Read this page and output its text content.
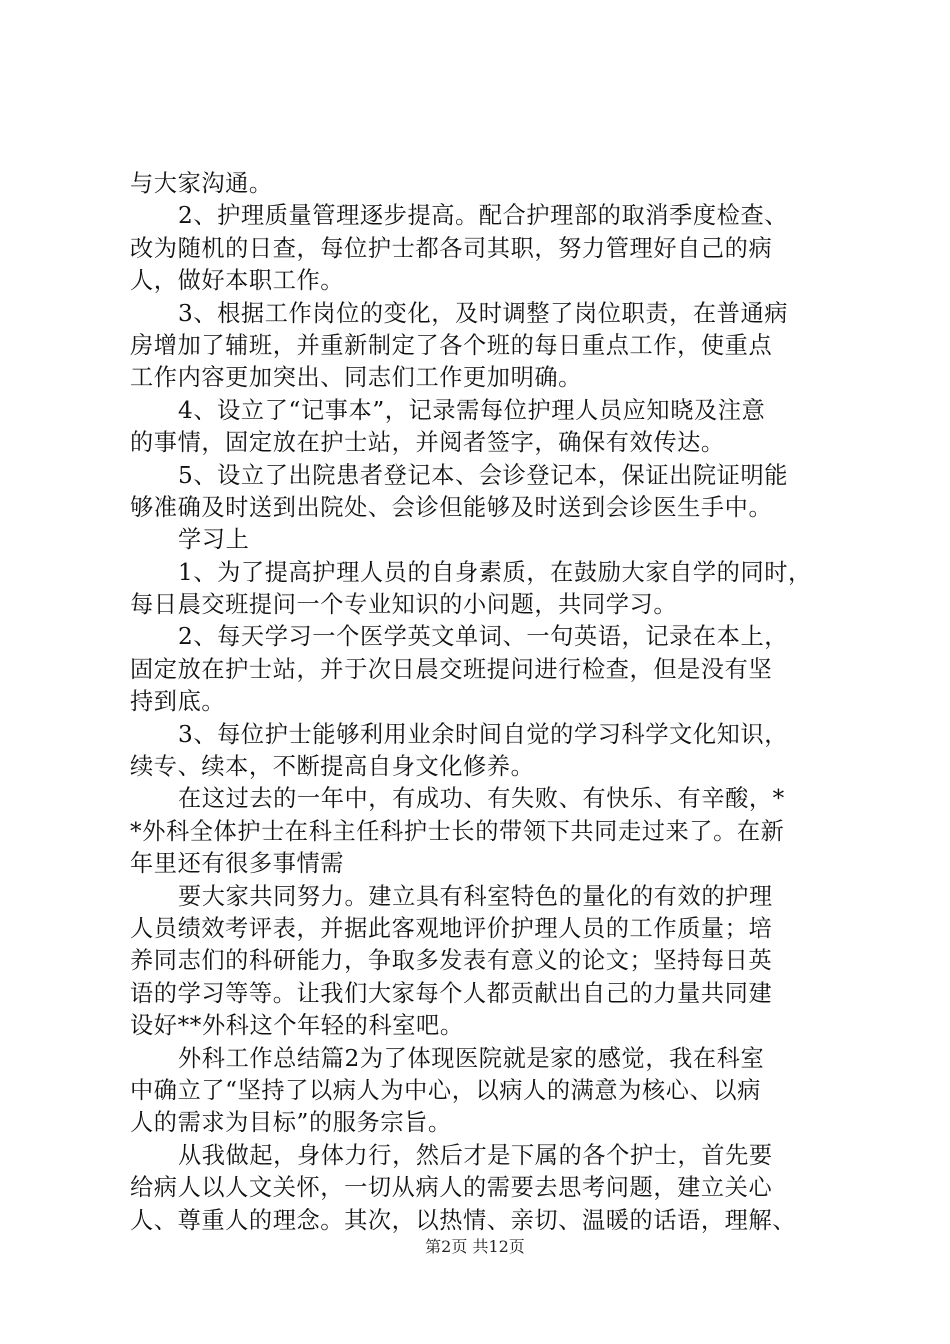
与大家沟通。
2、护理质量管理逐步提高。配合护理部的取消季度检查、
改为随机的日查，每位护士都各司其职，努力管理好自己的病
人，做好本职工作。
3、根据工作岗位的变化，及时调整了岗位职责，在普通病
房增加了辅班，并重新制定了各个班的每日重点工作，使重点
工作内容更加突出、同志们工作更加明确。
4、设立了“记事本”，记录需每位护理人员应知晓及注意
的事情，固定放在护士站，并阅者签字，确保有效传达。
5、设立了出院患者登记本、会诊登记本，保证出院证明能
够准确及时送到出院处、会诊但能够及时送到会诊医生手中。
学习上
1、为了提高护理人员的自身素质，在鼓励大家自学的同时，
每日晨交班提问一个专业知识的小问题，共同学习。
2、每天学习一个医学英文单词、一句英语，记录在本上，
固定放在护士站，并于次日晨交班提问进行检查，但是没有坚
持到底。
3、每位护士能够利用业余时间自觉的学习科学文化知识，
续专、续本，不断提高自身文化修养。
在这过去的一年中，有成功、有失败、有快乐、有辛酸，*
*外科全体护士在科主任科护士长的带领下共同走过来了。在新
年里还有很多事情需
要大家共同努力。建立具有科室特色的量化的有效的护理
人员绩效考评表，并据此客观地评价护理人员的工作质量；培
养同志们的科研能力，争取多发表有意义的论文；坚持每日英
语的学习等等。让我们大家每个人都贡献出自己的力量共同建
设好**外科这个年轻的科室吧。
外科工作总结篇2为了体现医院就是家的感觉，我在科室
中确立了“坚持了以病人为中心，以病人的满意为核心、以病
人的需求为目标”的服务宗旨。
从我做起，身体力行，然后才是下属的各个护士，首先要
给病人以人文关怀，一切从病人的需要去思考问题，建立关心
人、尊重人的理念。其次，以热情、亲切、温暖的话语，理解、
第2页 共12页
